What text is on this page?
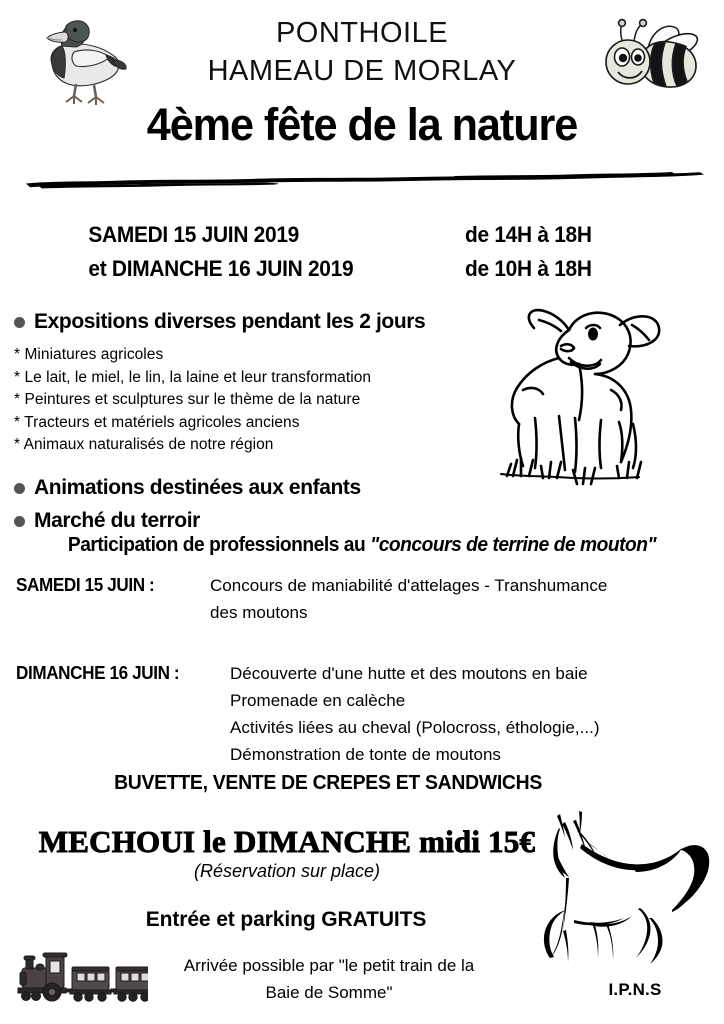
PONTHOILE
HAMEAU DE MORLAY
4ème fête de la nature
SAMEDI 15 JUIN 2019	de 14H à 18H
et DIMANCHE 16 JUIN 2019	de 10H à 18H
Expositions diverses pendant les 2 jours
* Miniatures agricoles
* Le lait, le miel, le lin, la laine et leur transformation
* Peintures et sculptures sur le thème de la nature
* Tracteurs et matériels agricoles anciens
* Animaux naturalisés de notre région
Animations destinées aux enfants
Marché du terroir
Participation de professionnels au "concours de terrine de mouton"
SAMEDI 15 JUIN :	Concours de maniabilité d'attelages - Transhumance
des moutons
DIMANCHE 16 JUIN :	Découverte d'une hutte et des moutons en baie
Promenade en calèche
Activités liées au cheval (Polocross, éthologie,...)
Démonstration de tonte de moutons
BUVETTE, VENTE DE CREPES ET SANDWICHS
MECHOUI le DIMANCHE midi 15€
(Réservation sur place)
Entrée et parking GRATUITS
Arrivée possible par "le petit train de la
Baie de Somme"	I.P.N.S
